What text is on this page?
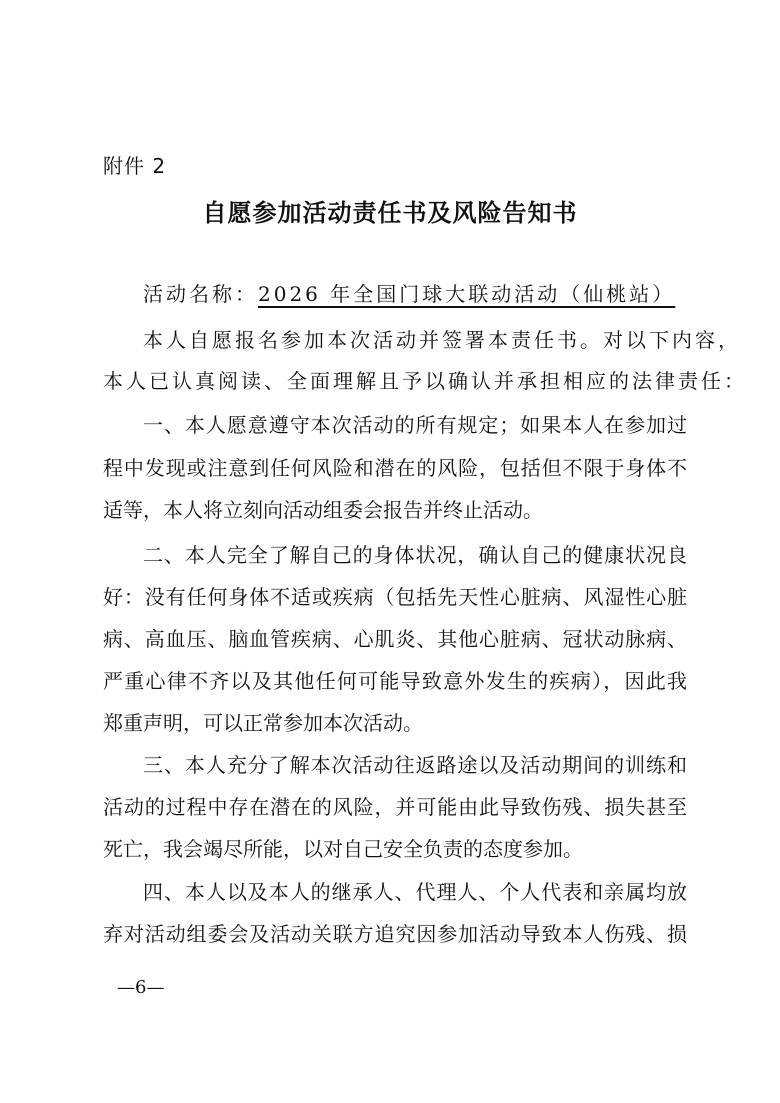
附件 2
自愿参加活动责任书及风险告知书
活动名称：2026 年全国门球大联动活动（仙桃站）
本人自愿报名参加本次活动并签署本责任书。对以下内容，
本人已认真阅读、全面理解且予以确认并承担相应的法律责任：
一、本人愿意遵守本次活动的所有规定；如果本人在参加过
程中发现或注意到任何风险和潜在的风险，包括但不限于身体不
适等，本人将立刻向活动组委会报告并终止活动。
二、本人完全了解自己的身体状况，确认自己的健康状况良
好：没有任何身体不适或疾病（包括先天性心脏病、风湿性心脏
病、高血压、脑血管疾病、心肌炎、其他心脏病、冠状动脉病、
严重心律不齐以及其他任何可能导致意外发生的疾病），因此我
郑重声明，可以正常参加本次活动。
三、本人充分了解本次活动往返路途以及活动期间的训练和
活动的过程中存在潜在的风险，并可能由此导致伤残、损失甚至
死亡，我会竭尽所能，以对自己安全负责的态度参加。
四、本人以及本人的继承人、代理人、个人代表和亲属均放
弃对活动组委会及活动关联方追究因参加活动导致本人伤残、损
—6—
